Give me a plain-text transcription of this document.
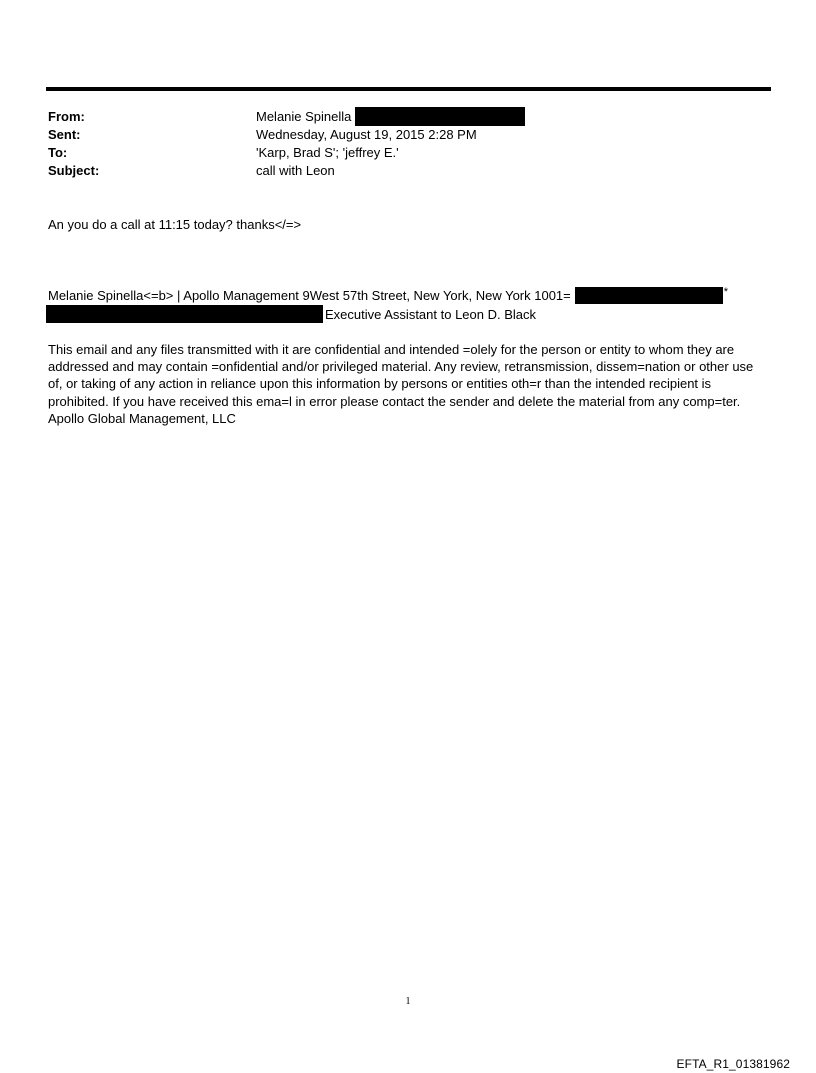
From:	Melanie Spinella
Sent:	Wednesday, August 19, 2015 2:28 PM
To:	'Karp, Brad S'; 'jeffrey E.'
Subject:	call with Leon
An you do a call at 11:15 today? thanks</=>
Melanie Spinella<=b> | Apollo Management 9West 57th Street, New York, New York 1001=	*
Executive Assistant to Leon D. Black
This email and any files transmitted with it are confidential and intended =olely for the person or entity to whom they are addressed and may contain =onfidential and/or privileged material. Any review, retransmission, dissem=nation or other use of, or taking of any action in reliance upon this information by persons or entities oth=r than the intended recipient is prohibited. If you have received this ema=l in error please contact the sender and delete the material from any comp=ter. Apollo Global Management, LLC
1
EFTA_R1_01381962
